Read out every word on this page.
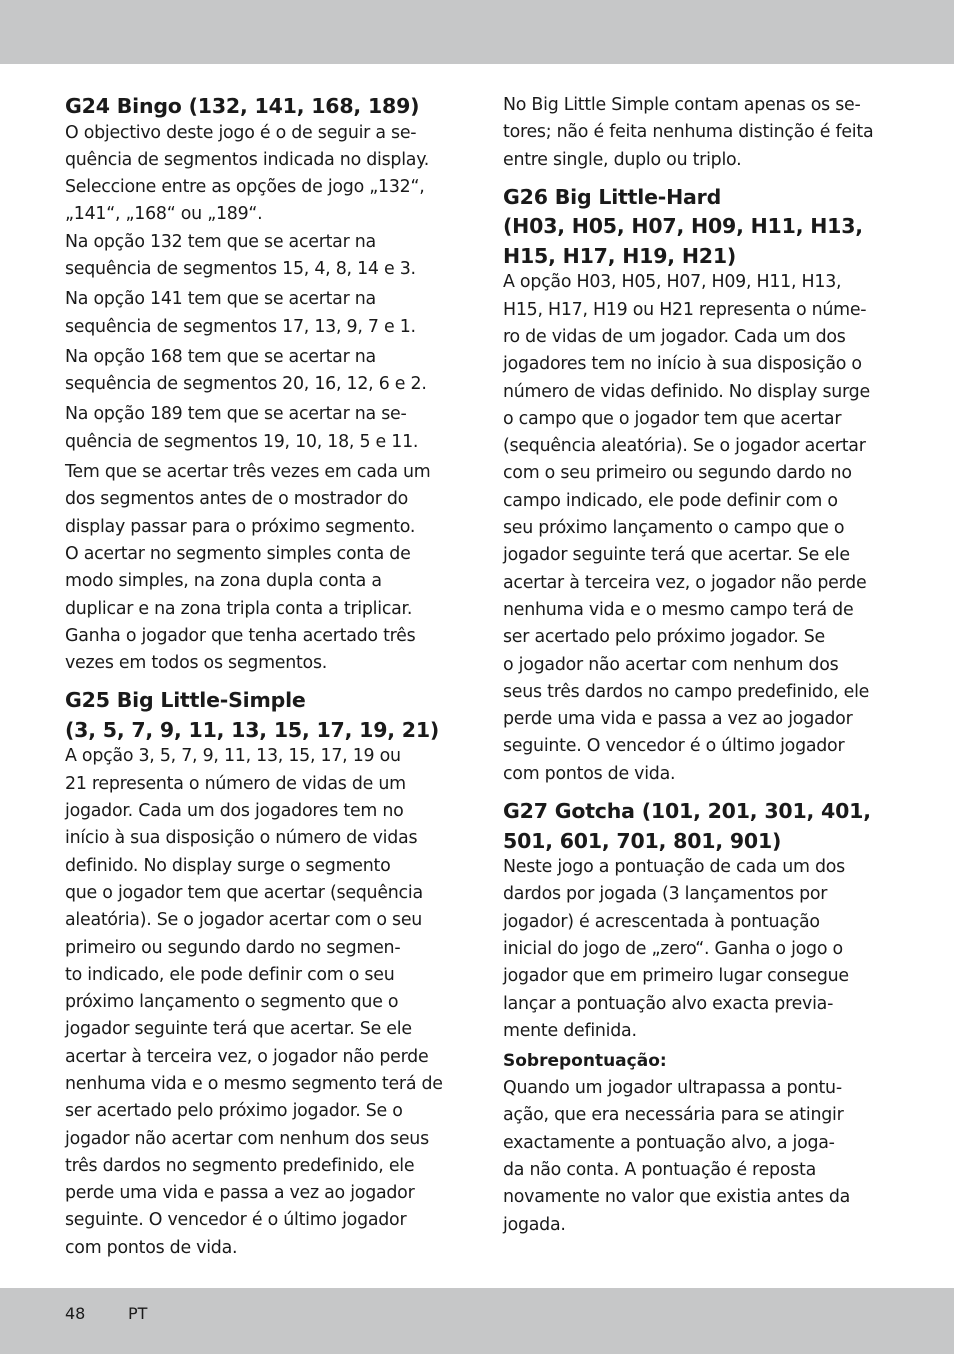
G24 Bingo (132, 141, 168, 189)

O objectivo deste jogo é o de seguir a se-
quência de segmentos indicada no display.
Seleccione entre as opções de jogo „132“,
„141“, „168“ ou „189“.
Na opção 132 tem que se acertar na
sequência de segmentos 15, 4, 8, 14 e 3.

Na opção 141 tem que se acertar na
sequência de segmentos 17, 13, 9, 7 e 1.

Na opção 168 tem que se acertar na
sequência de segmentos 20, 16, 12, 6 e 2.

Na opção 189 tem que se acertar na se-
quência de segmentos 19, 10, 18, 5 e 11.

Tem que se acertar três vezes em cada um
dos segmentos antes de o mostrador do
display passar para o próximo segmento.
O acertar no segmento simples conta de
modo simples, na zona dupla conta a
duplicar e na zona tripla conta a triplicar.
Ganha o jogador que tenha acertado três
vezes em todos os segmentos.

G25 Big Little-Simple
(3, 5, 7, 9, 11, 13, 15, 17, 19, 21)

A opção 3, 5, 7, 9, 11, 13, 15, 17, 19 ou
21 representa o número de vidas de um
jogador. Cada um dos jogadores tem no
início à sua disposição o número de vidas
definido. No display surge o segmento
que o jogador tem que acertar (sequência
aleatória). Se o jogador acertar com o seu
primeiro ou segundo dardo no segmen-
to indicado, ele pode definir com o seu
próximo lançamento o segmento que o
jogador seguinte terá que acertar. Se ele
acertar à terceira vez, o jogador não perde
nenhuma vida e o mesmo segmento terá de
ser acertado pelo próximo jogador. Se o
jogador não acertar com nenhum dos seus
três dardos no segmento predefinido, ele
perde uma vida e passa a vez ao jogador
seguinte. O vencedor é o último jogador
com pontos de vida.

No Big Little Simple contam apenas os se-
tores; não é feita nenhuma distinção é feita
entre single, duplo ou triplo.

G26 Big Little-Hard
(H03, H05, H07, H09, H11, H13,
H15, H17, H19, H21)

A opção H03, H05, H07, H09, H11, H13,
H15, H17, H19 ou H21 representa o núme-
ro de vidas de um jogador. Cada um dos
jogadores tem no início à sua disposição o
número de vidas definido. No display surge
o campo que o jogador tem que acertar
(sequência aleatória). Se o jogador acertar
com o seu primeiro ou segundo dardo no
campo indicado, ele pode definir com o
seu próximo lançamento o campo que o
jogador seguinte terá que acertar. Se ele
acertar à terceira vez, o jogador não perde
nenhuma vida e o mesmo campo terá de
ser acertado pelo próximo jogador. Se
o jogador não acertar com nenhum dos
seus três dardos no campo predefinido, ele
perde uma vida e passa a vez ao jogador
seguinte. O vencedor é o último jogador
com pontos de vida.

G27 Gotcha (101, 201, 301, 401,
501, 601, 701, 801, 901)

Neste jogo a pontuação de cada um dos
dardos por jogada (3 lançamentos por
jogador) é acrescentada à pontuação
inicial do jogo de „zero“. Ganha o jogo o
jogador que em primeiro lugar consegue
lançar a pontuação alvo exacta previa-
mente definida.

Sobrepontuação:

Quando um jogador ultrapassa a pontu-
ação, que era necessária para se atingir
exactamente a pontuação alvo, a joga-
da não conta. A pontuação é reposta
novamente no valor que existia antes da
jogada.

48	PT
